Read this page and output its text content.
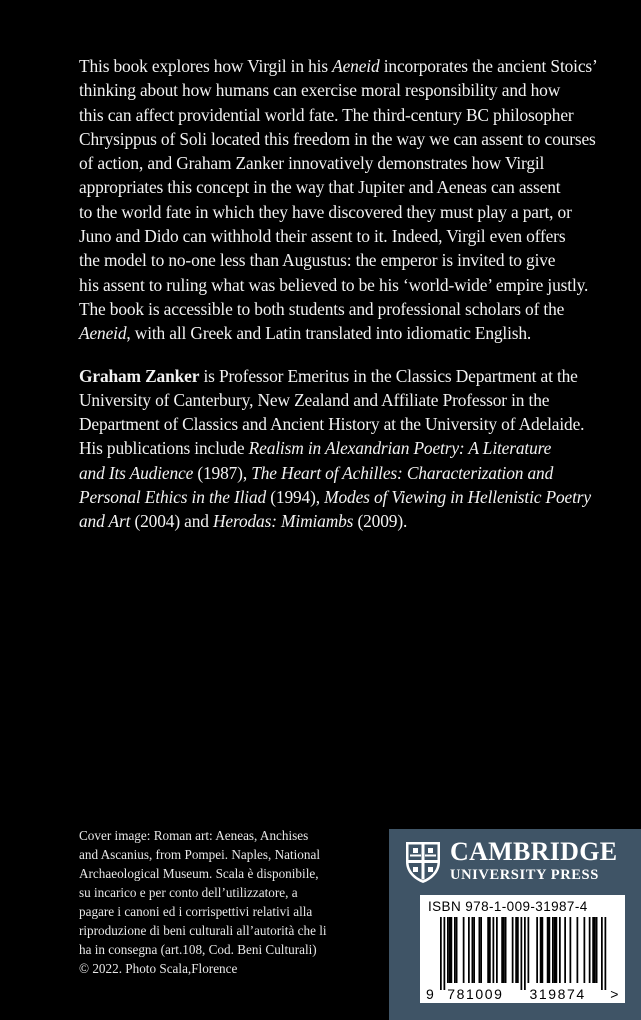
This book explores how Virgil in his Aeneid incorporates the ancient Stoics’
thinking about how humans can exercise moral responsibility and how
this can affect providential world fate. The third-century BC philosopher
Chrysippus of Soli located this freedom in the way we can assent to courses
of action, and Graham Zanker innovatively demonstrates how Virgil
appropriates this concept in the way that Jupiter and Aeneas can assent
to the world fate in which they have discovered they must play a part, or
Juno and Dido can withhold their assent to it. Indeed, Virgil even offers
the model to no-one less than Augustus: the emperor is invited to give
his assent to ruling what was believed to be his ‘world-wide’ empire justly.
The book is accessible to both students and professional scholars of the
Aeneid, with all Greek and Latin translated into idiomatic English.

Graham Zanker is Professor Emeritus in the Classics Department at the
University of Canterbury, New Zealand and Affiliate Professor in the
Department of Classics and Ancient History at the University of Adelaide.
His publications include Realism in Alexandrian Poetry: A Literature
and Its Audience (1987), The Heart of Achilles: Characterization and
Personal Ethics in the Iliad (1994), Modes of Viewing in Hellenistic Poetry
and Art (2004) and Herodas: Mimiambs (2009).

Cover image: Roman art: Aeneas, Anchises
and Ascanius, from Pompei. Naples, National
Archaeological Museum. Scala è disponibile,
su incarico e per conto dell’utilizzatore, a
pagare i canoni ed i corrispettivi relativi alla
riproduzione di beni culturali all’autorità che li
ha in consegna (art.108, Cod. Beni Culturali)
© 2022. Photo Scala,Florence
CAMBRIDGE
UNIVERSITY PRESS
ISBN 978-1-009-31987-4
9 781009 319874 >
